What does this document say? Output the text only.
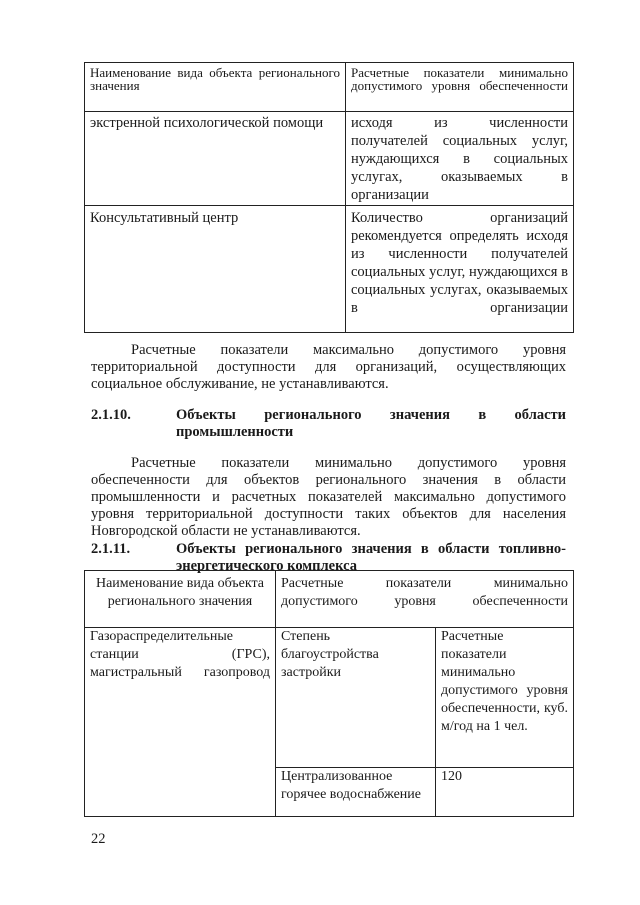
Наименование вида объекта регионального значения	Расчетные показатели минимально допустимого уровня обеспеченности
экстренной психологической помощи	исходя из численности получателей социальных услуг, нуждающихся в социальных услугах, оказываемых в организации
Консультативный центр	Количество организаций рекомендуется определять исходя из численности получателей социальных услуг, нуждающихся в социальных услугах, оказываемых в организации
Расчетные показатели максимально допустимого уровня территориальной доступности для организаций, осуществляющих социальное обслуживание, не устанавливаются.
2.1.10.	Объекты регионального значения в области промышленности
Расчетные показатели минимально допустимого уровня обеспеченности для объектов регионального значения в области промышленности и расчетных показателей максимально допустимого уровня территориальной доступности таких объектов для населения Новгородской области не устанавливаются.
2.1.11.	Объекты регионального значения в области топливно-энергетического комплекса
Наименование вида объекта регионального значения	Расчетные показатели минимально допустимого уровня обеспеченности	
Газораспределительные станции (ГРС), магистральный газопровод	Степень благоустройства застройки	Расчетные показатели минимально допустимого уровня обеспеченности, куб. м/год на 1 чел.
	Централизованное горячее водоснабжение	120
22
